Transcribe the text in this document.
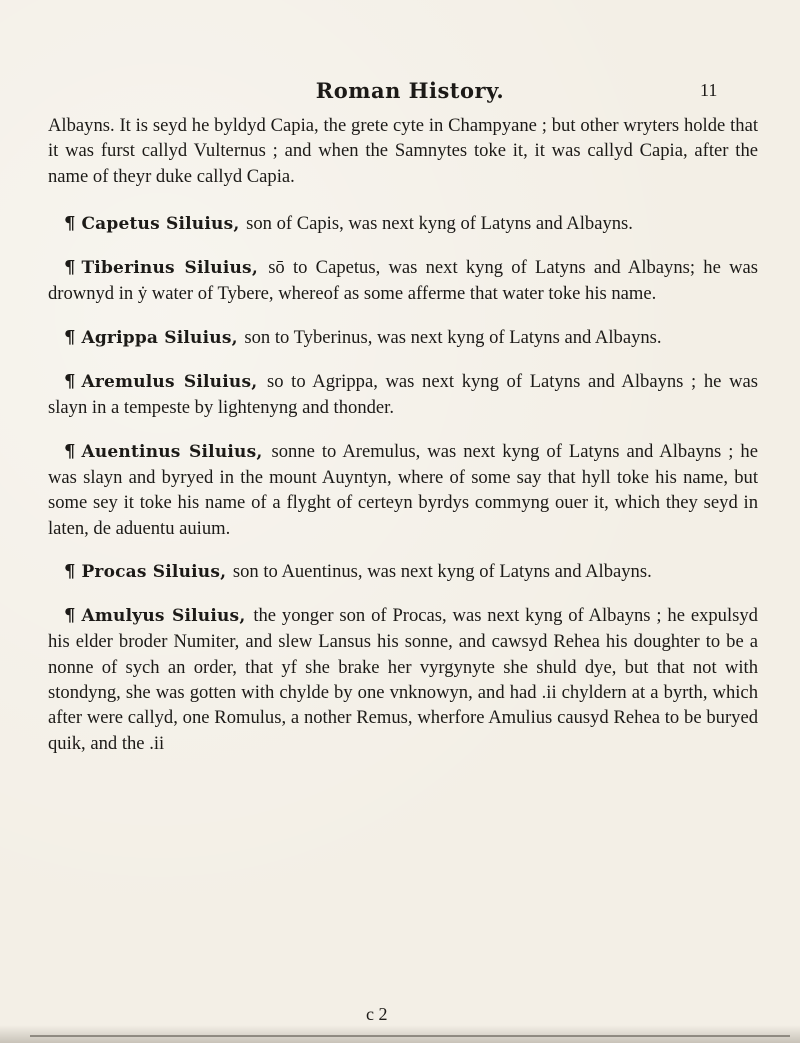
Roman History.	11

Albayns. It is seyd he byldyd Capia, the grete cyte in Champyane ; but other wryters holde that it was furst callyd Vulternus ; and when the Samnytes toke it, it was callyd Capia, after the name of theyr duke callyd Capia.

¶ Capetus Siluius, son of Capis, was next kyng of Latyns and Albayns.

¶ Tiberinus Siluius, sō to Capetus, was next kyng of Latyns and Albayns; he was drownyd in ẏ water of Tybere, whereof as some afferme that water toke his name.

¶ Agrippa Siluius, son to Tyberinus, was next kyng of Latyns and Albayns.

¶ Aremulus Siluius, so to Agrippa, was next kyng of Latyns and Albayns ; he was slayn in a tempeste by lightenyng and thonder.

¶ Auentinus Siluius, sonne to Aremulus, was next kyng of Latyns and Albayns ; he was slayn and byryed in the mount Auyntyn, where of some say that hyll toke his name, but some sey it toke his name of a flyght of certeyn byrdys commyng ouer it, which they seyd in laten, de aduentu auium.

¶ Procas Siluius, son to Auentinus, was next kyng of Latyns and Albayns.

¶ Amulyus Siluius, the yonger son of Procas, was next kyng of Albayns ; he expulsyd his elder broder Numiter, and slew Lansus his sonne, and cawsyd Rehea his doughter to be a nonne of sych an order, that yf she brake her vyrgynyte she shuld dye, but that not with stondyng, she was gotten with chylde by one vnknowyn, and had .ii chyldern at a byrth, which after were callyd, one Romulus, a nother Remus, wherfore Amulius causyd Rehea to be buryed quik, and the .ii

c 2
